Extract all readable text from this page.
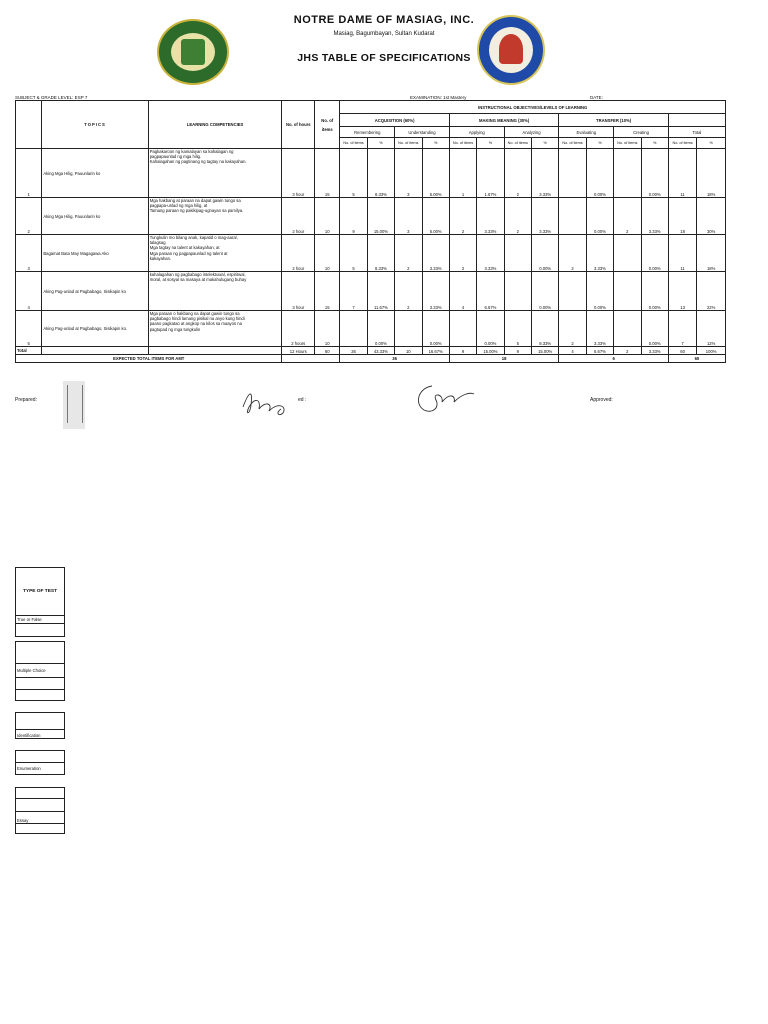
NOTRE DAME OF MASIAG, INC.
Masiag, Bagumbayan, Sultan Kudarat
JHS TABLE OF SPECIFICATIONS
SUBJECT & GRADE LEVEL: ESP 7	EXAMINATION: 1st Mastery	DATE:
	TOPICS	LEARNING COMPETENCIES	No. of hours	No. of items	INSTRUCTIONAL OBJECTIVES/LEVELS OF LEARNING													
					ACQUISITION (60%)				MAKING MEANING (30%)				TRANSFER (10%)					
					Remembering		Understanding		Applying		Analyzing		Evaluating		Creating		Total	
					No. of items	%	No. of items	%	No. of items	%	No. of items	%	No. of items	%	No. of items	%	No. of items	%
1	Aking Mga Hilig, Pauunlarin ko	Pagkakaroon ng kamalayan sa kahalagan ng
pagpapaunlad ng mga hilig.
Kahalagahan ng pagtinang ng tagtay na kakayahan.	3 hour	15	5	8.33%	3	5.00%	1	1.67%	2	3.33%		0.00%		0.00%	11	18%
2	Aking Mga Hilig, Pauunlarin ko	Mga hakbang at paraan na dapat gawin tungo sa
pagpapa-unlad ng mga hilig, at
Tamang paraan ng pakikipag-ugnayan sa pamilya.	2 hour	10	9	15.00%	3	5.00%	2	3.33%	2	3.33%		0.00%	2	3.33%	18	30%
3	Bagamat Bata May Magagawa Ako	Tungkulin mo bilang anak, kapatid o mag-aaral,
talagsag
Mga tagtay na talent at kakayahan, at
Mga paraan ng pagpapaunlad ng talent at
kakayahan.	2 hour	10	5	8.33%	2	3.33%	2	3.33%		0.00%	2	3.33%		0.00%	11	18%
4	Aking Pag-unlad at Pagbabago, Sisikapin ko	kahalagahan ng pagbabago intelektuwal, espiritwal,
moral, at sosyal sa masaya at makahulugang buhay	3 hour	15	7	11.67%	2	3.33%	4	6.67%		0.00%		0.00%		0.00%	13	22%
5	Aking Pag-unlad at Pagbabago, Sisikapin ko.	Mga paraan o hakbang na dapat gawin tungo sa
pagbabago hindi lamang pisikal na anyo kung hindi
paano pagkatao at angkop na kilos sa maayos na
pagtupad ng mga tungkulin	2 hours	10		0.00%		0.00%		0.00%	5	8.33%	2	3.33%		0.00%	7	12%
Total			12 Hours	60	26	43.33%	10	16.67%	9	15.00%	9	15.00%	4	6.67%	2	3.33%	60	100%
EXPECTED TOTAL ITEMS FOR AMT					36				18				6				60	
Prepared:	ed :	Approved:
TYPE OF TEST
True or False

Multiple Choice

Identification

Enumeration

Essay
